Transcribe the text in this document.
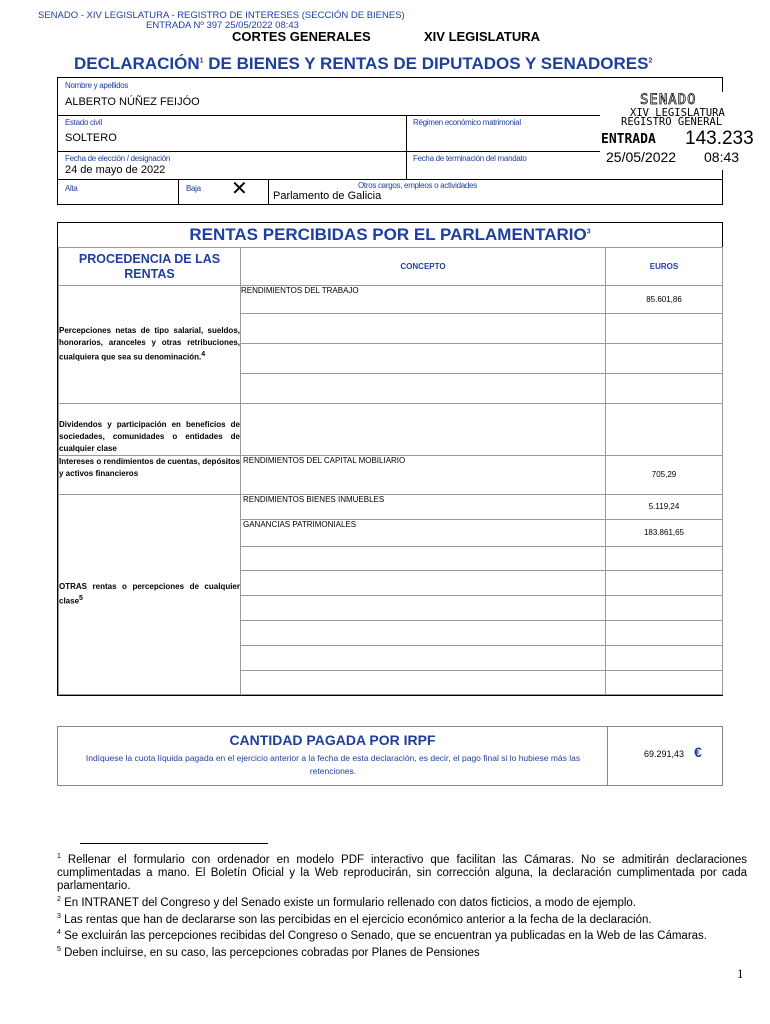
SENADO - XIV LEGISLATURA - REGISTRO DE INTERESES (SECCIÓN DE BIENES)
ENTRADA Nº 397 25/05/2022 08:43
CORTES GENERALES	XIV LEGISLATURA
DECLARACIÓN$^1$ DE BIENES Y RENTAS DE DIPUTADOS Y SENADORES$^2$
Nombre y apellidos
ALBERTO NÚÑEZ FEIJÓO
Estado civil
SOLTERO
Régimen económico matrimonial
Fecha de elección / designación
24 de mayo de 2022
Fecha de terminación del mandato
Alta	Baja ✕	Otros cargos, empleos o actividades
Parlamento de Galicia
SENADO
XIV LEGISLATURA
REGISTRO GENERAL
ENTRADA 143.233
25/05/2022 08:43
RENTAS PERCIBIDAS POR EL PARLAMENTARIO$^3$
PROCEDENCIA DE LAS RENTAS	CONCEPTO	EUROS
Percepciones netas de tipo salarial, sueldos, honorarios, aranceles y otras retribuciones, cualquiera que sea su denominación.$^4$	RENDIMIENTOS DEL TRABAJO	85.601,86

Dividendos y participación en beneficios de sociedades, comunidades o entidades de cualquier clase		
Intereses o rendimientos de cuentas, depósitos y activos financieros	RENDIMIENTOS DEL CAPITAL MOBILIARIO	705,29
OTRAS rentas o percepciones de cualquier clase$^5$	RENDIMIENTOS BIENES INMUEBLES	5.119,24
	GANANCIAS PATRIMONIALES	183.861,65

CANTIDAD PAGADA POR IRPF
Indíquese la cuota líquida pagada en el ejercicio anterior a la fecha de esta declaración, es decir, el pago final si lo hubiese más las retenciones.
69.291,43 €
$^1$ Rellenar el formulario con ordenador en modelo PDF interactivo que facilitan las Cámaras. No se admitirán declaraciones cumplimentadas a mano. El Boletín Oficial y la Web reproducirán, sin corrección alguna, la declaración cumplimentada por cada parlamentario.
$^2$ En INTRANET del Congreso y del Senado existe un formulario rellenado con datos ficticios, a modo de ejemplo.
$^3$ Las rentas que han de declararse son las percibidas en el ejercicio económico anterior a la fecha de la declaración.
$^4$ Se excluirán las percepciones recibidas del Congreso o Senado, que se encuentran ya publicadas en la Web de las Cámaras.
$^5$ Deben incluirse, en su caso, las percepciones cobradas por Planes de Pensiones
1
